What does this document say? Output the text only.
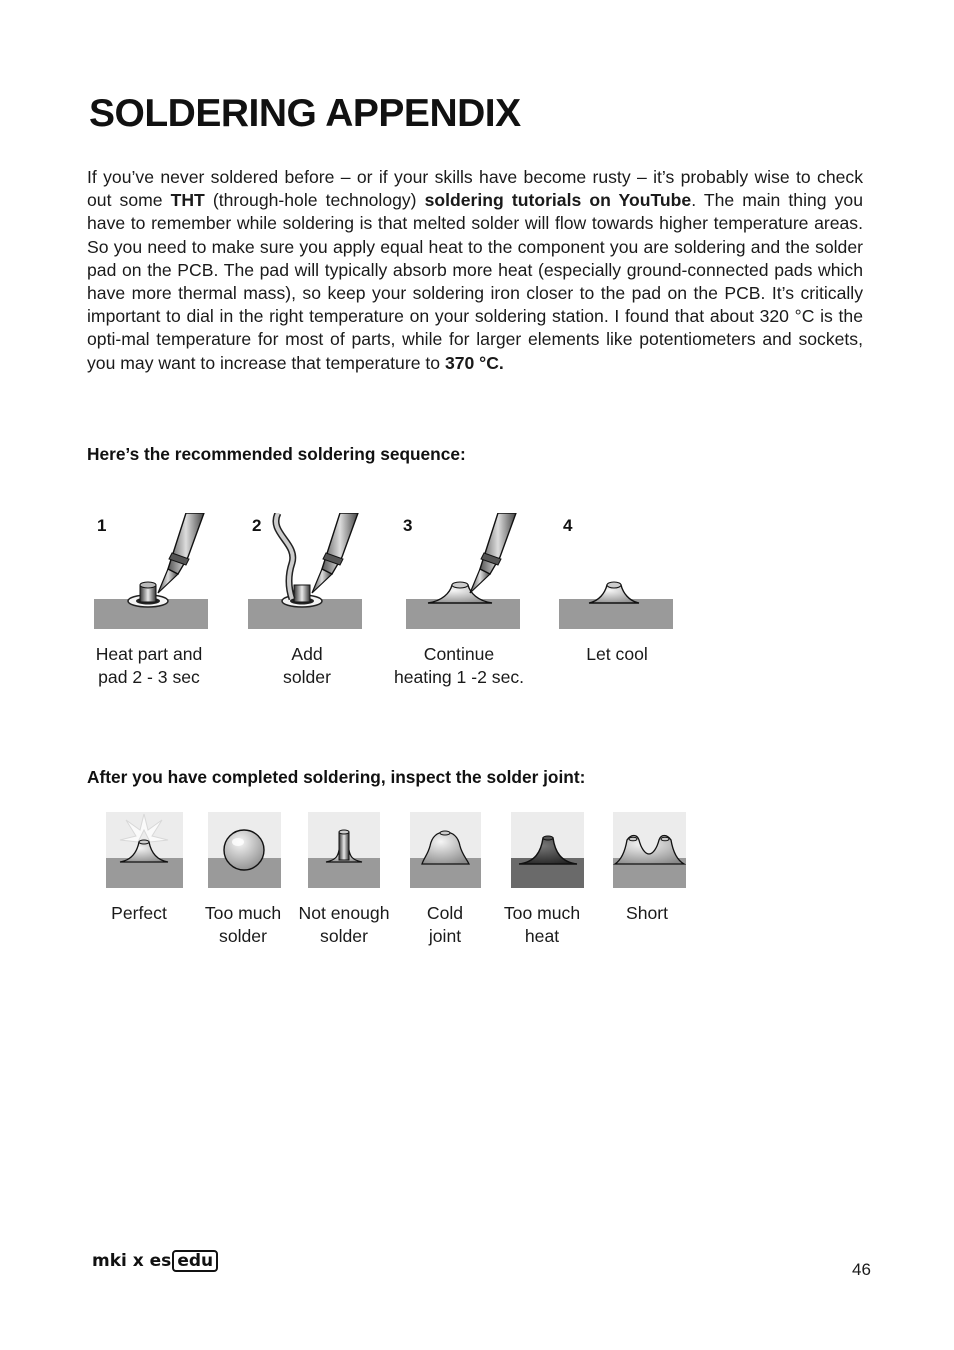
SOLDERING APPENDIX

If you’ve never soldered before – or if your skills have become rusty – it’s probably wise to check out some THT (through-hole technology) soldering tutorials on YouTube. The main thing you have to remember while soldering is that melted solder will flow towards higher temperature areas. So you need to make sure you apply equal heat to the component you are soldering and the solder pad on the PCB. The pad will typically absorb more heat (especially ground-connected pads which have more thermal mass), so keep your soldering iron closer to the pad on the PCB. It’s critically important to dial in the right temperature on your soldering station. I found that about 320 °C is the opti-mal temperature for most of parts, while for larger elements like potentiometers and sockets, you may want to increase that temperature to 370 °C.

Here’s the recommended soldering sequence:
1	2	3	4
Heat part and
pad 2 - 3 sec
Add
solder
Continue
heating 1 -2 sec.
Let cool
After you have completed soldering, inspect the solder joint:
Perfect	Too much
solder
Not enough
solder
Cold
joint
Too much
heat
Short
mki x es edu	46
